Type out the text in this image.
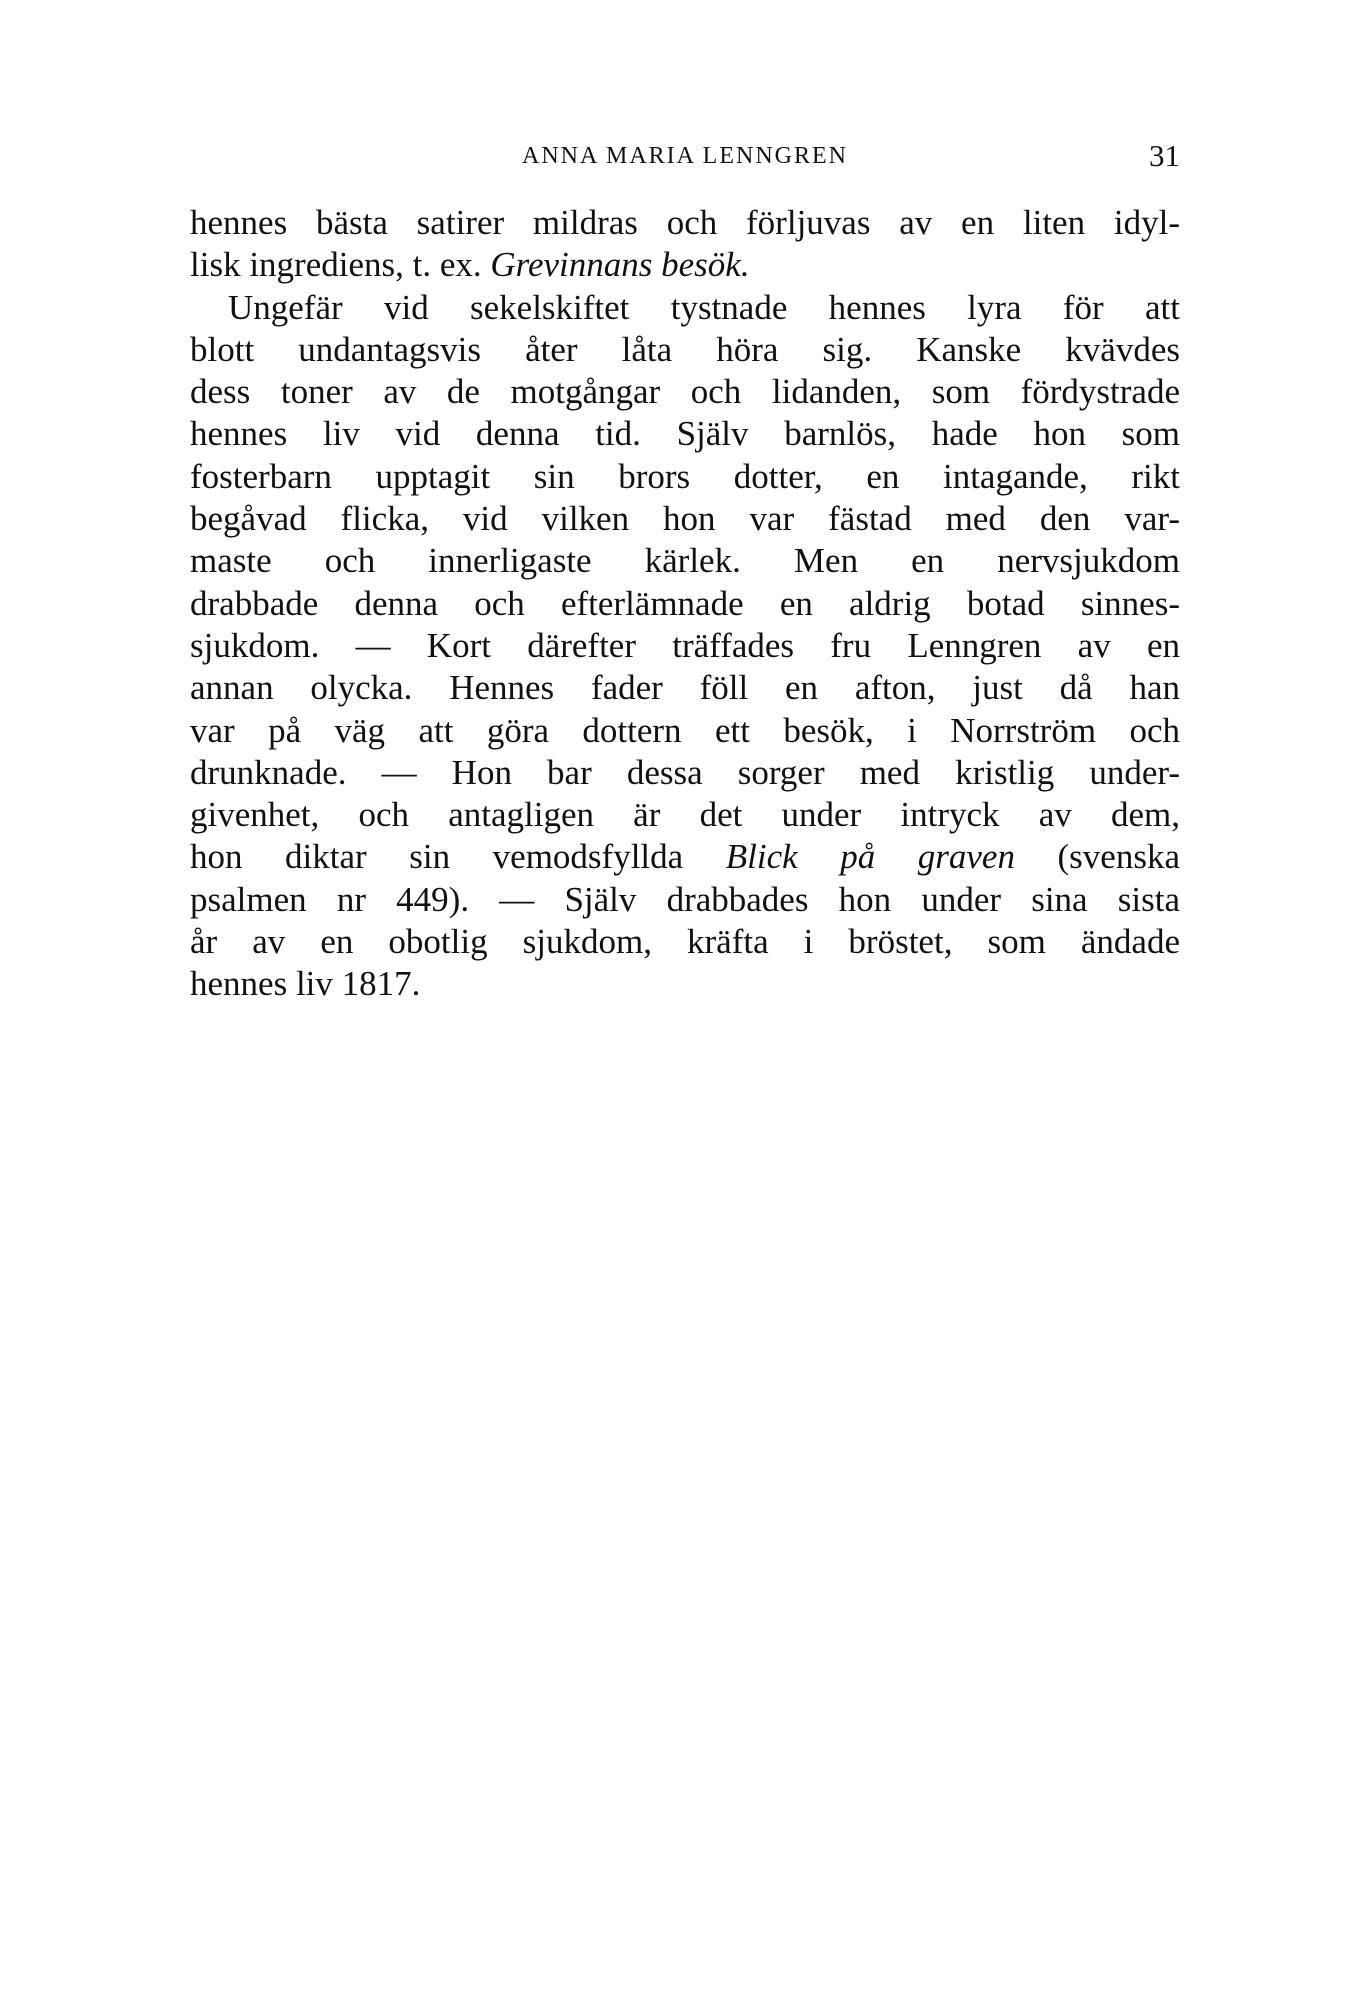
ANNA MARIA LENNGREN	31
hennes bästa satirer mildras och förljuvas av en liten idyl-
lisk ingrediens, t. ex. Grevinnans besök.
Ungefär vid sekelskiftet tystnade hennes lyra för att
blott undantagsvis åter låta höra sig. Kanske kvävdes
dess toner av de motgångar och lidanden, som fördystrade
hennes liv vid denna tid. Själv barnlös, hade hon som
fosterbarn upptagit sin brors dotter, en intagande, rikt
begåvad flicka, vid vilken hon var fästad med den var-
maste och innerligaste kärlek. Men en nervsjukdom
drabbade denna och efterlämnade en aldrig botad sinnes-
sjukdom. — Kort därefter träffades fru Lenngren av en
annan olycka. Hennes fader föll en afton, just då han
var på väg att göra dottern ett besök, i Norrström och
drunknade. — Hon bar dessa sorger med kristlig under-
givenhet, och antagligen är det under intryck av dem,
hon diktar sin vemodsfyllda Blick på graven (svenska
psalmen nr 449). — Själv drabbades hon under sina sista
år av en obotlig sjukdom, kräfta i bröstet, som ändade
hennes liv 1817.
